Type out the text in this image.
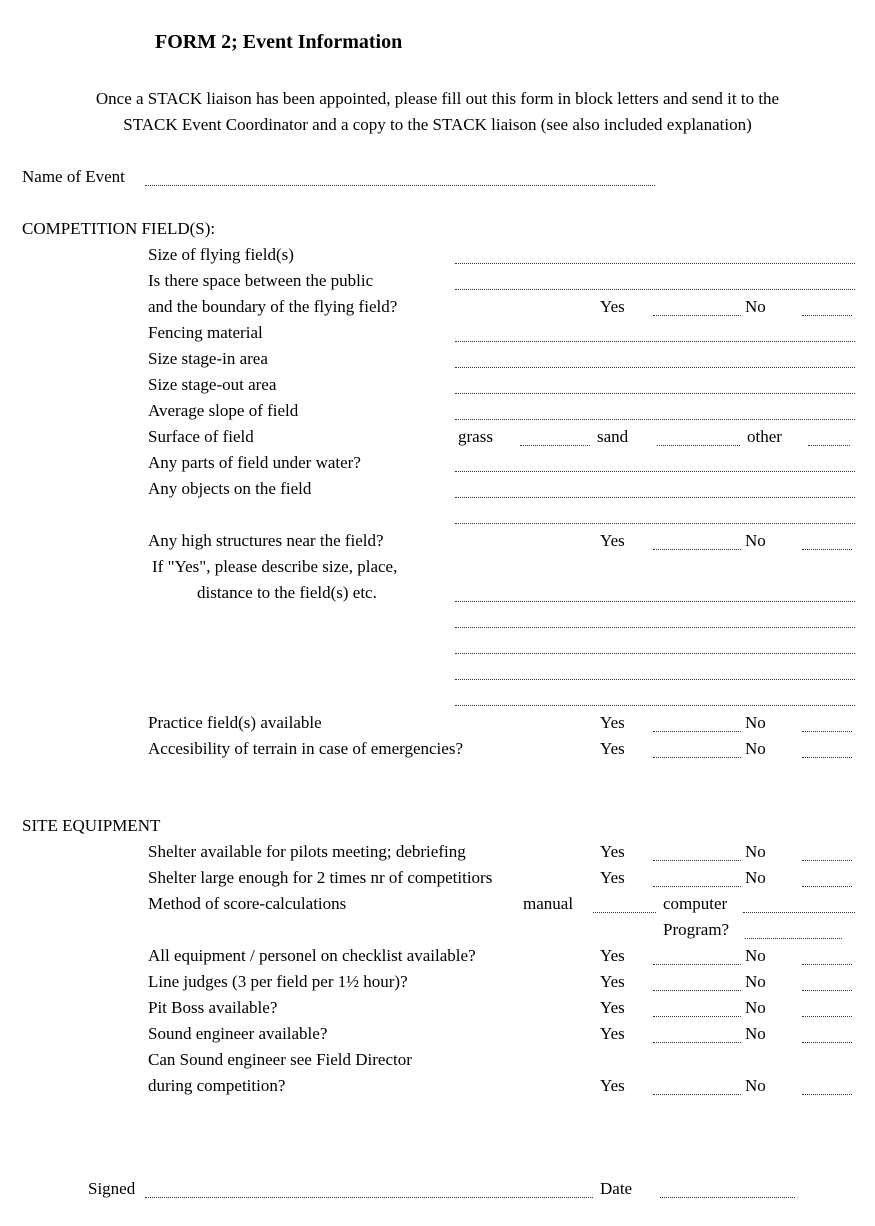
FORM 2; Event Information
Once a STACK liaison has been appointed, please fill out this form in block letters and send it to the
STACK Event Coordinator and a copy to the STACK liaison (see also included explanation)
Name of Event
COMPETITION FIELD(S):
Size of flying field(s)
Is there space between the public
and the boundary of the flying field?	Yes	No
Fencing material
Size stage-in area
Size stage-out area
Average slope of field
Surface of field	grass	sand	other
Any parts of field under water?
Any objects on the field
Any high structures near the field?	Yes	No
If "Yes", please describe size, place,
distance to the field(s) etc.
Practice field(s) available	Yes	No
Accesibility of terrain in case of emergencies?	Yes	No
SITE EQUIPMENT
Shelter available for pilots meeting; debriefing	Yes	No
Shelter large enough for 2 times nr of competitiors	Yes	No
Method of score-calculations	manual	computer
Program?
All equipment / personel on checklist available?	Yes	No
Line judges (3 per field per 1½ hour)?	Yes	No
Pit Boss available?	Yes	No
Sound engineer available?	Yes	No
Can Sound engineer see Field Director
during competition?	Yes	No
Signed	Date
